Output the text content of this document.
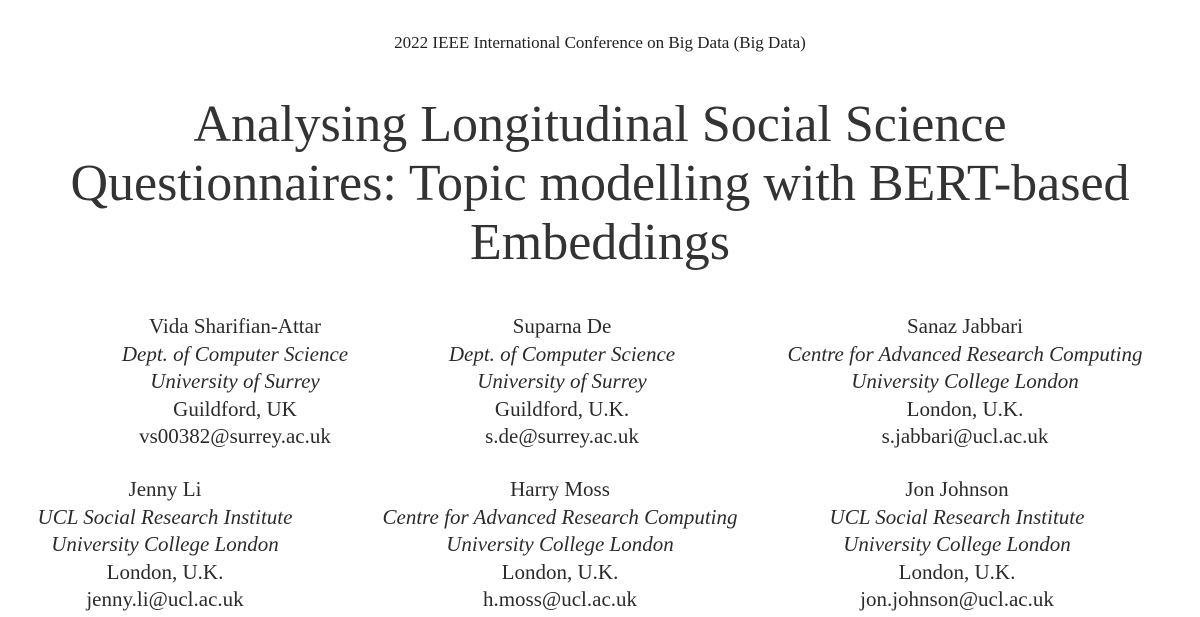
2022 IEEE International Conference on Big Data (Big Data)
Analysing Longitudinal Social Science
Questionnaires: Topic modelling with BERT-based
Embeddings
Vida Sharifian-Attar
Dept. of Computer Science
University of Surrey
Guildford, UK
vs00382@surrey.ac.uk
Suparna De
Dept. of Computer Science
University of Surrey
Guildford, U.K.
s.de@surrey.ac.uk
Sanaz Jabbari
Centre for Advanced Research Computing
University College London
London, U.K.
s.jabbari@ucl.ac.uk
Jenny Li
UCL Social Research Institute
University College London
London, U.K.
jenny.li@ucl.ac.uk
Harry Moss
Centre for Advanced Research Computing
University College London
London, U.K.
h.moss@ucl.ac.uk
Jon Johnson
UCL Social Research Institute
University College London
London, U.K.
jon.johnson@ucl.ac.uk
